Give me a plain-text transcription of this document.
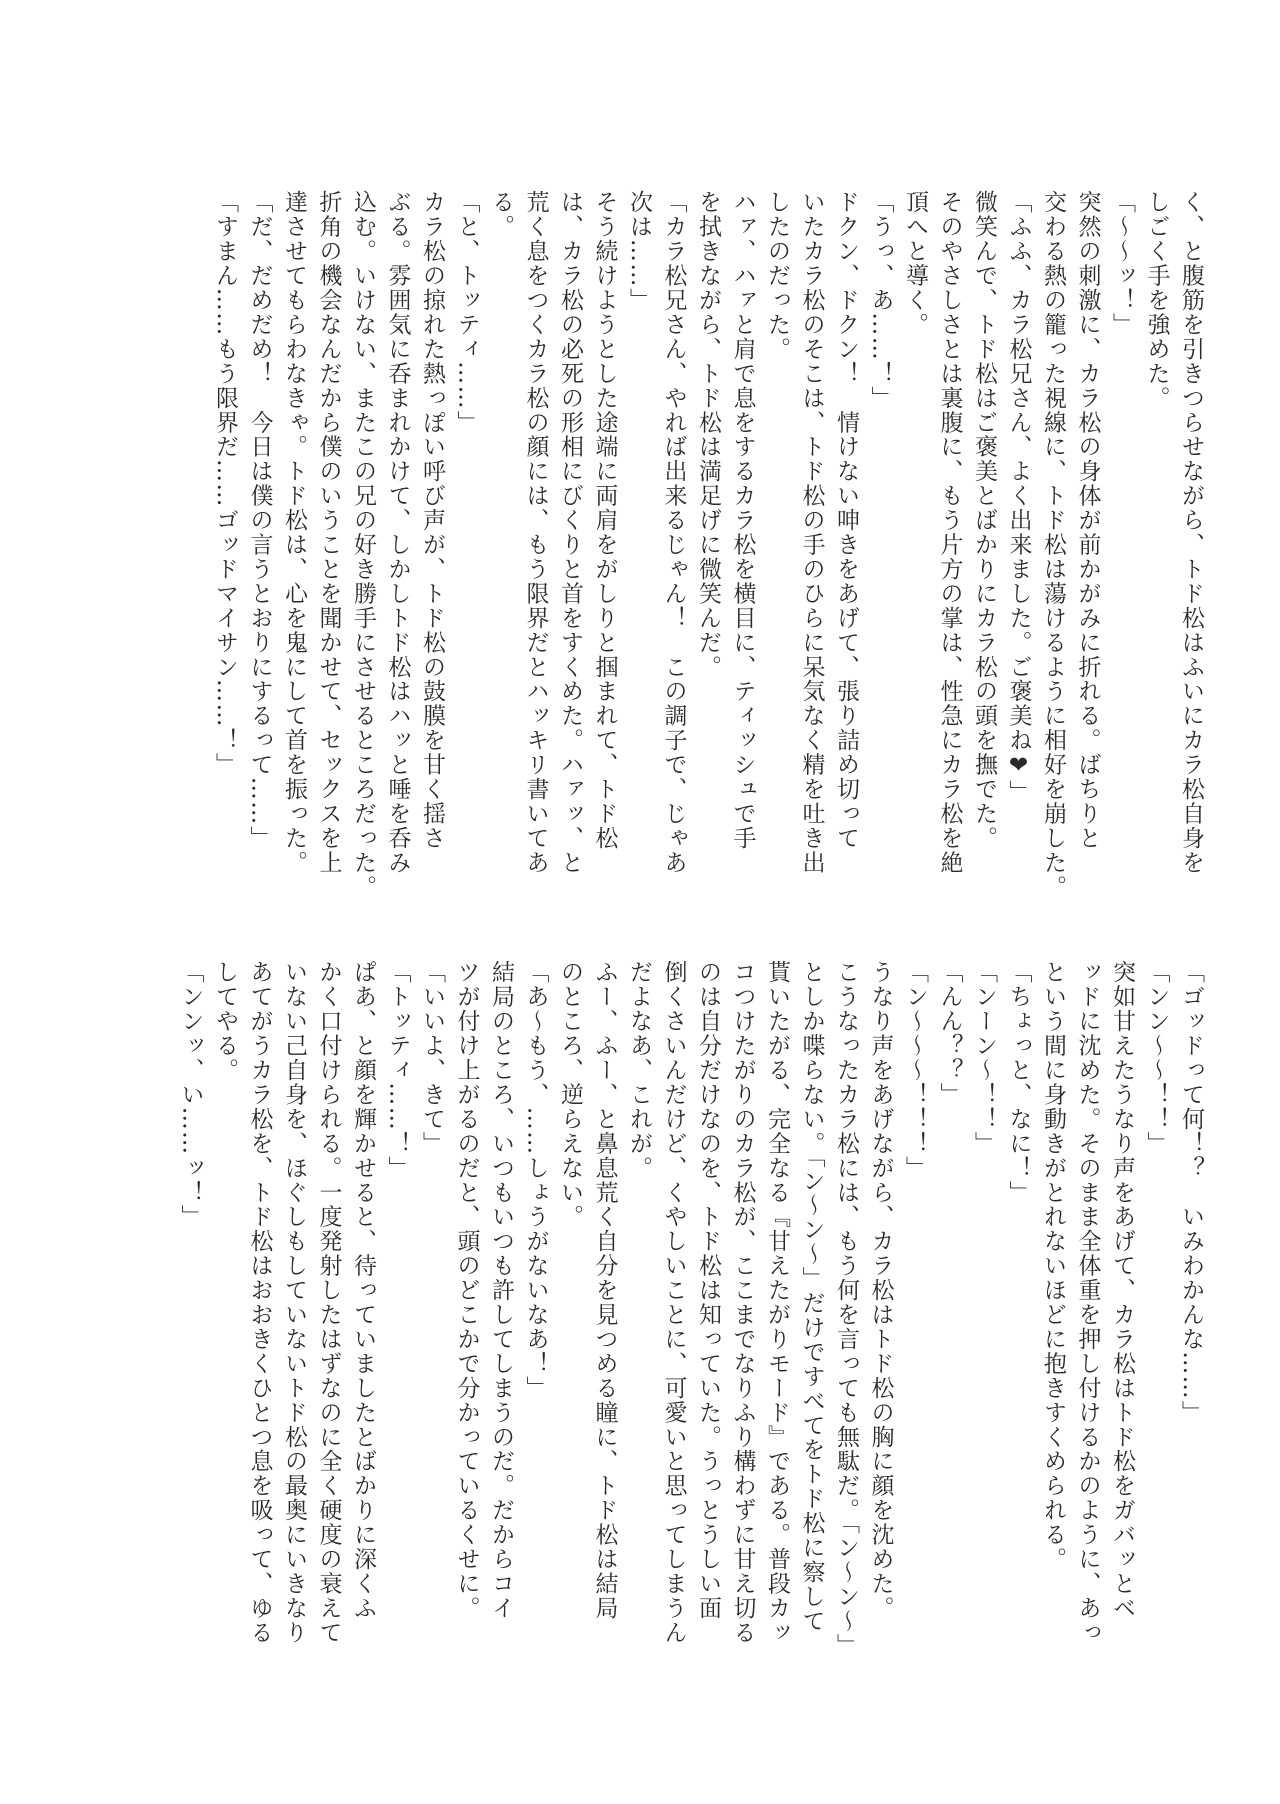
く、と腹筋を引きつらせながら、トド松はふいにカラ松自身を
しごく手を強めた。
「〜〜ッ！」
突然の刺激に、カラ松の身体が前かがみに折れる。ばちりと
交わる熱の籠った視線に、トド松は蕩けるように相好を崩した。
「ふふ、カラ松兄さん、よく出来ました。ご褒美ね❤」
微笑んで、トド松はご褒美とばかりにカラ松の頭を撫でた。
そのやさしさとは裏腹に、もう片方の掌は、性急にカラ松を絶
頂へと導く。
「うっ、あ……！」
ドクン、ドクン！　情けない呻きをあげて、張り詰め切って
いたカラ松のそこは、トド松の手のひらに呆気なく精を吐き出
したのだった。
ハァ、ハァと肩で息をするカラ松を横目に、ティッシュで手
を拭きながら、トド松は満足げに微笑んだ。
「カラ松兄さん、やれば出来るじゃん！　この調子で、じゃあ
次は……」
そう続けようとした途端に両肩をがしりと掴まれて、トド松
は、カラ松の必死の形相にびくりと首をすくめた。ハァッ、と
荒く息をつくカラ松の顔には、もう限界だとハッキリ書いてあ
る。
「と、トッティ……」
カラ松の掠れた熱っぽい呼び声が、トド松の鼓膜を甘く揺さ
ぶる。雰囲気に呑まれかけて、しかしトド松はハッと唾を呑み
込む。いけない、またこの兄の好き勝手にさせるところだった。
折角の機会なんだから僕のいうことを聞かせて、セックスを上
達させてもらわなきゃ。トド松は、心を鬼にして首を振った。
「だ、だめだめ！　今日は僕の言うとおりにするって……」
「すまん……もう限界だ……ゴッドマイサン……！」
「ゴッドって何！？　いみわかんな……」
「ンン〜〜！！」
突如甘えたうなり声をあげて、カラ松はトド松をガバッとベ
ッドに沈めた。そのまま全体重を押し付けるかのように、あっ
という間に身動きがとれないほどに抱きすくめられる。
「ちょっと、なに！」
「ンーン〜！！」
「んん？？」
「ン〜〜〜！！！」
うなり声をあげながら、カラ松はトド松の胸に顔を沈めた。
こうなったカラ松には、もう何を言っても無駄だ。「ン〜ン〜」
としか喋らない。「ン〜ン〜」だけですべてをトド松に察して
貰いたがる、完全なる『甘えたがりモード』である。普段カッ
コつけたがりのカラ松が、ここまでなりふり構わずに甘え切る
のは自分だけなのを、トド松は知っていた。うっとうしい面
倒くさいんだけど、くやしいことに、可愛いと思ってしまうん
だよなあ、これが。
ふー、ふー、と鼻息荒く自分を見つめる瞳に、トド松は結局
のところ、逆らえない。
「あ〜もう、……しょうがないなあ！」
結局のところ、いつもいつも許してしまうのだ。だからコイ
ツが付け上がるのだと、頭のどこかで分かっているくせに。
「いいよ、きて」
「トッティ……！」
ぱあ、と顔を輝かせると、待っていましたとばかりに深くふ
かく口付けられる。一度発射したはずなのに全く硬度の衰えて
いない己自身を、ほぐしもしていないトド松の最奥にいきなり
あてがうカラ松を、トド松はおおきくひとつ息を吸って、ゆる
してやる。
「ンンッ、い……ッ！」
